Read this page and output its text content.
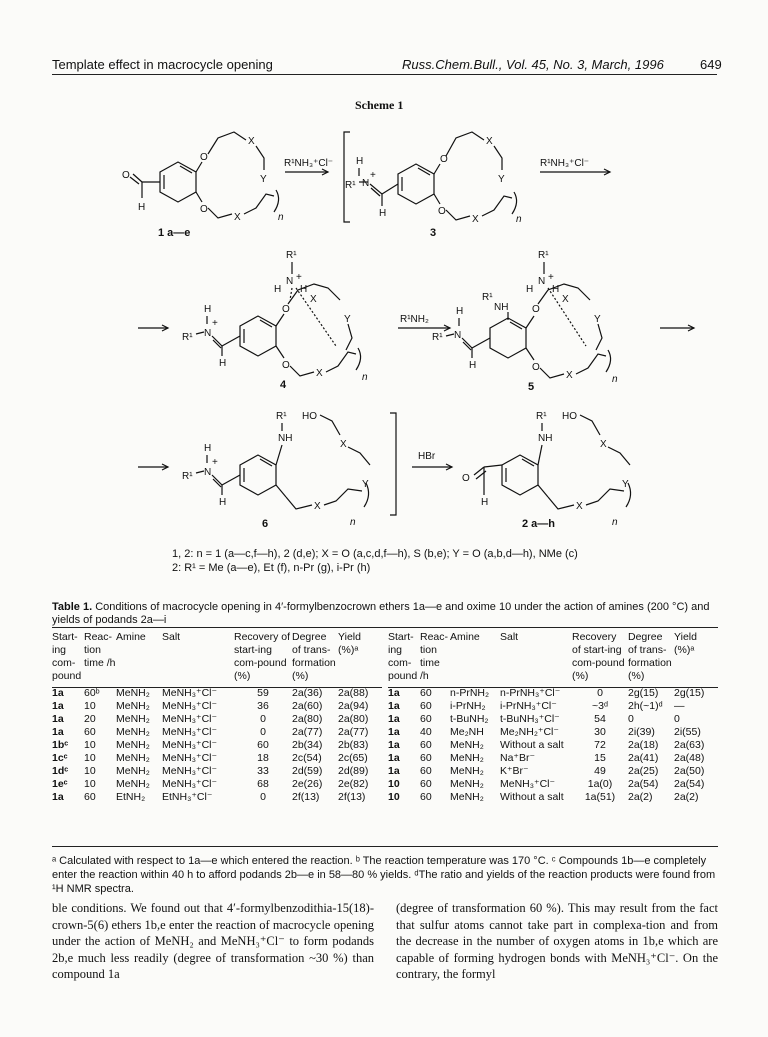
Template effect in macrocycle opening	Russ.Chem.Bull., Vol. 45, No. 3, March, 1996	649
Scheme 1
O
H
O
X
Y
O
X	n
1 a—e
R¹NH₃⁺Cl⁻ H
R¹ N
+
H
O
X
Y
O
X	n
3
R¹NH₃⁺Cl⁻
H
R¹ N
+
H
O
Y
O
X	n
R¹
N +
H H
X
4
R¹NH₂
H
R¹ N
H
R¹
NH O
Y
O
X	n
R¹
N +
H H
X
5
H
R¹ N
+
H
R¹ HO
NH
X
Y
X
n
6
HBr
O
H
R¹ HO
NH
X
Y
X
n
2 a—h
1, 2: n = 1 (a—c,f—h), 2 (d,e); X = O (a,c,d,f—h), S (b,e); Y = O (a,b,d—h), NMe (c)
2: R¹ = Me (a—e), Et (f), n-Pr (g), i-Pr (h)
Table 1. Conditions of macrocycle opening in 4′-formylbenzocrown ethers 1a—e and oxime 10 under the action of amines (200 °C) and yields of podands 2a—i
Start-ing com-pound	Reac-tion time /h	Amine	Salt	Recovery of start-ing com-pound (%)	Degree of trans-formation (%)	Yield (%)ᵃ
1a	60ᵇ	MeNH₂	MeNH₃⁺Cl⁻	59	2a(36)	2a(88)
1a	10	MeNH₂	MeNH₃⁺Cl⁻	36	2a(60)	2a(94)
1a	20	MeNH₂	MeNH₃⁺Cl⁻	0	2a(80)	2a(80)
1a	60	MeNH₂	MeNH₃⁺Cl⁻	0	2a(77)	2a(77)
1bᶜ	10	MeNH₂	MeNH₃⁺Cl⁻	60	2b(34)	2b(83)
1cᶜ	10	MeNH₂	MeNH₃⁺Cl⁻	18	2c(54)	2c(65)
1dᶜ	10	MeNH₂	MeNH₃⁺Cl⁻	33	2d(59)	2d(89)
1eᶜ	10	MeNH₂	MeNH₃⁺Cl⁻	68	2e(26)	2e(82)
1a	60	EtNH₂	EtNH₃⁺Cl⁻	0	2f(13)	2f(13)
Start-ing com-pound	Reac-tion time /h	Amine	Salt	Recovery of start-ing com-pound (%)	Degree of trans-formation (%)	Yield (%)ᵃ
1a	60	n-PrNH₂	n-PrNH₃⁺Cl⁻	0	2g(15)	2g(15)
1a	60	i-PrNH₂	i-PrNH₃⁺Cl⁻	~3ᵈ	2h(~1)ᵈ	—
1a	60	t-BuNH₂	t-BuNH₃⁺Cl⁻	54	0	0
1a	40	Me₂NH	Me₂NH₂⁺Cl⁻	30	2i(39)	2i(55)
1a	60	MeNH₂	Without a salt	72	2a(18)	2a(63)
1a	60	MeNH₂	Na⁺Br⁻	15	2a(41)	2a(48)
1a	60	MeNH₂	K⁺Br⁻	49	2a(25)	2a(50)
10	60	MeNH₂	MeNH₃⁺Cl⁻	1a(0)	2a(54)	2a(54)
10	60	MeNH₂	Without a salt	1a(51)	2a(2)	2a(2)
ᵃ Calculated with respect to 1a—e which entered the reaction. ᵇ The reaction temperature was 170 °C. ᶜ Compounds 1b—e completely enter the reaction within 40 h to afford podands 2b—e in 58—80 % yields. ᵈThe ratio and yields of the reaction products were found from ¹H NMR spectra.

ble conditions. We found out that 4′-formylbenzodithia-15(18)-crown-5(6) ethers 1b,e enter the reaction of macrocycle opening under the action of MeNH₂ and MeNH₃⁺Cl⁻ to form podands 2b,e much less readily (degree of transformation ~30 %) than compound 1a

(degree of transformation 60 %). This may result from the fact that sulfur atoms cannot take part in complexa-tion and from the decrease in the number of oxygen atoms in 1b,e which are capable of forming hydrogen bonds with MeNH₃⁺Cl⁻. On the contrary, the formyl
